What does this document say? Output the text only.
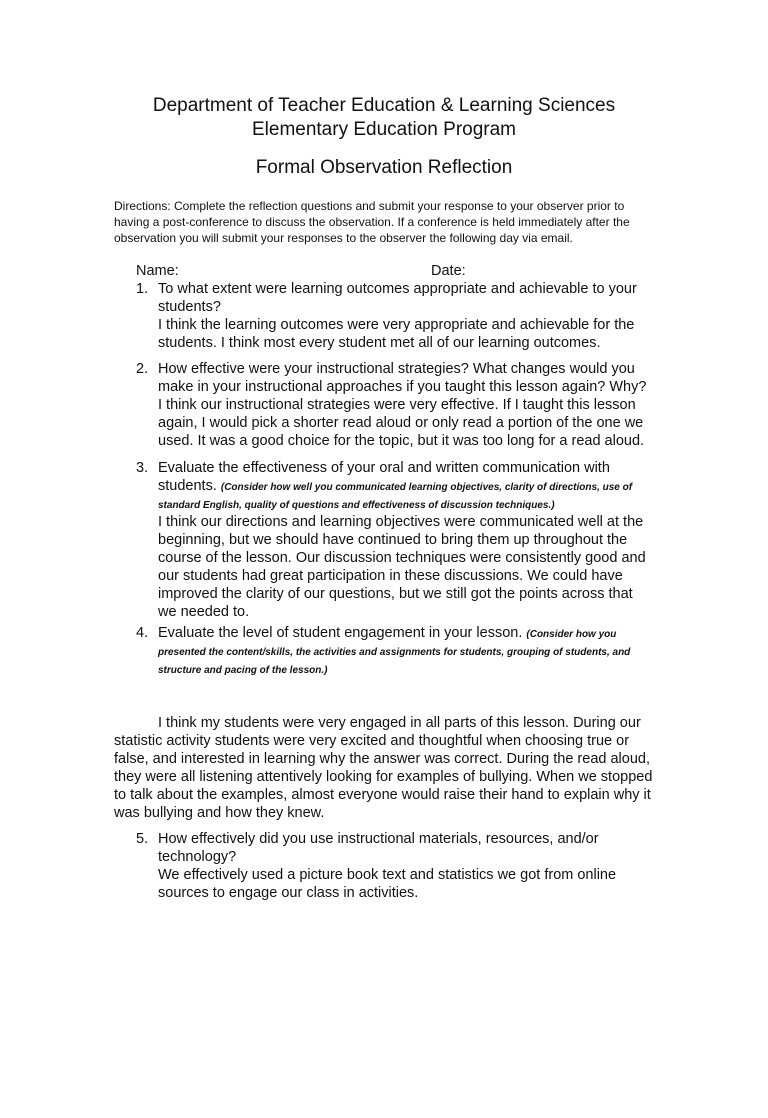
Department of Teacher Education & Learning Sciences
Elementary Education Program
Formal Observation Reflection
Directions: Complete the reflection questions and submit your response to your observer prior to having a post-conference to discuss the observation. If a conference is held immediately after the observation you will submit your responses to the observer the following day via email.
Name:	Date:
1. To what extent were learning outcomes appropriate and achievable to your students?
I think the learning outcomes were very appropriate and achievable for the students. I think most every student met all of our learning outcomes.
2. How effective were your instructional strategies? What changes would you make in your instructional approaches if you taught this lesson again? Why?
I think our instructional strategies were very effective. If I taught this lesson again, I would pick a shorter read aloud or only read a portion of the one we used. It was a good choice for the topic, but it was too long for a read aloud.
3. Evaluate the effectiveness of your oral and written communication with students. (Consider how well you communicated learning objectives, clarity of directions, use of standard English, quality of questions and effectiveness of discussion techniques.)
I think our directions and learning objectives were communicated well at the beginning, but we should have continued to bring them up throughout the course of the lesson. Our discussion techniques were consistently good and our students had great participation in these discussions. We could have improved the clarity of our questions, but we still got the points across that we needed to.
4. Evaluate the level of student engagement in your lesson. (Consider how you presented the content/skills, the activities and assignments for students, grouping of students, and structure and pacing of the lesson.)
I think my students were very engaged in all parts of this lesson. During our statistic activity students were very excited and thoughtful when choosing true or false, and interested in learning why the answer was correct. During the read aloud, they were all listening attentively looking for examples of bullying. When we stopped to talk about the examples, almost everyone would raise their hand to explain why it was bullying and how they knew.
5. How effectively did you use instructional materials, resources, and/or technology?
We effectively used a picture book text and statistics we got from online sources to engage our class in activities.
